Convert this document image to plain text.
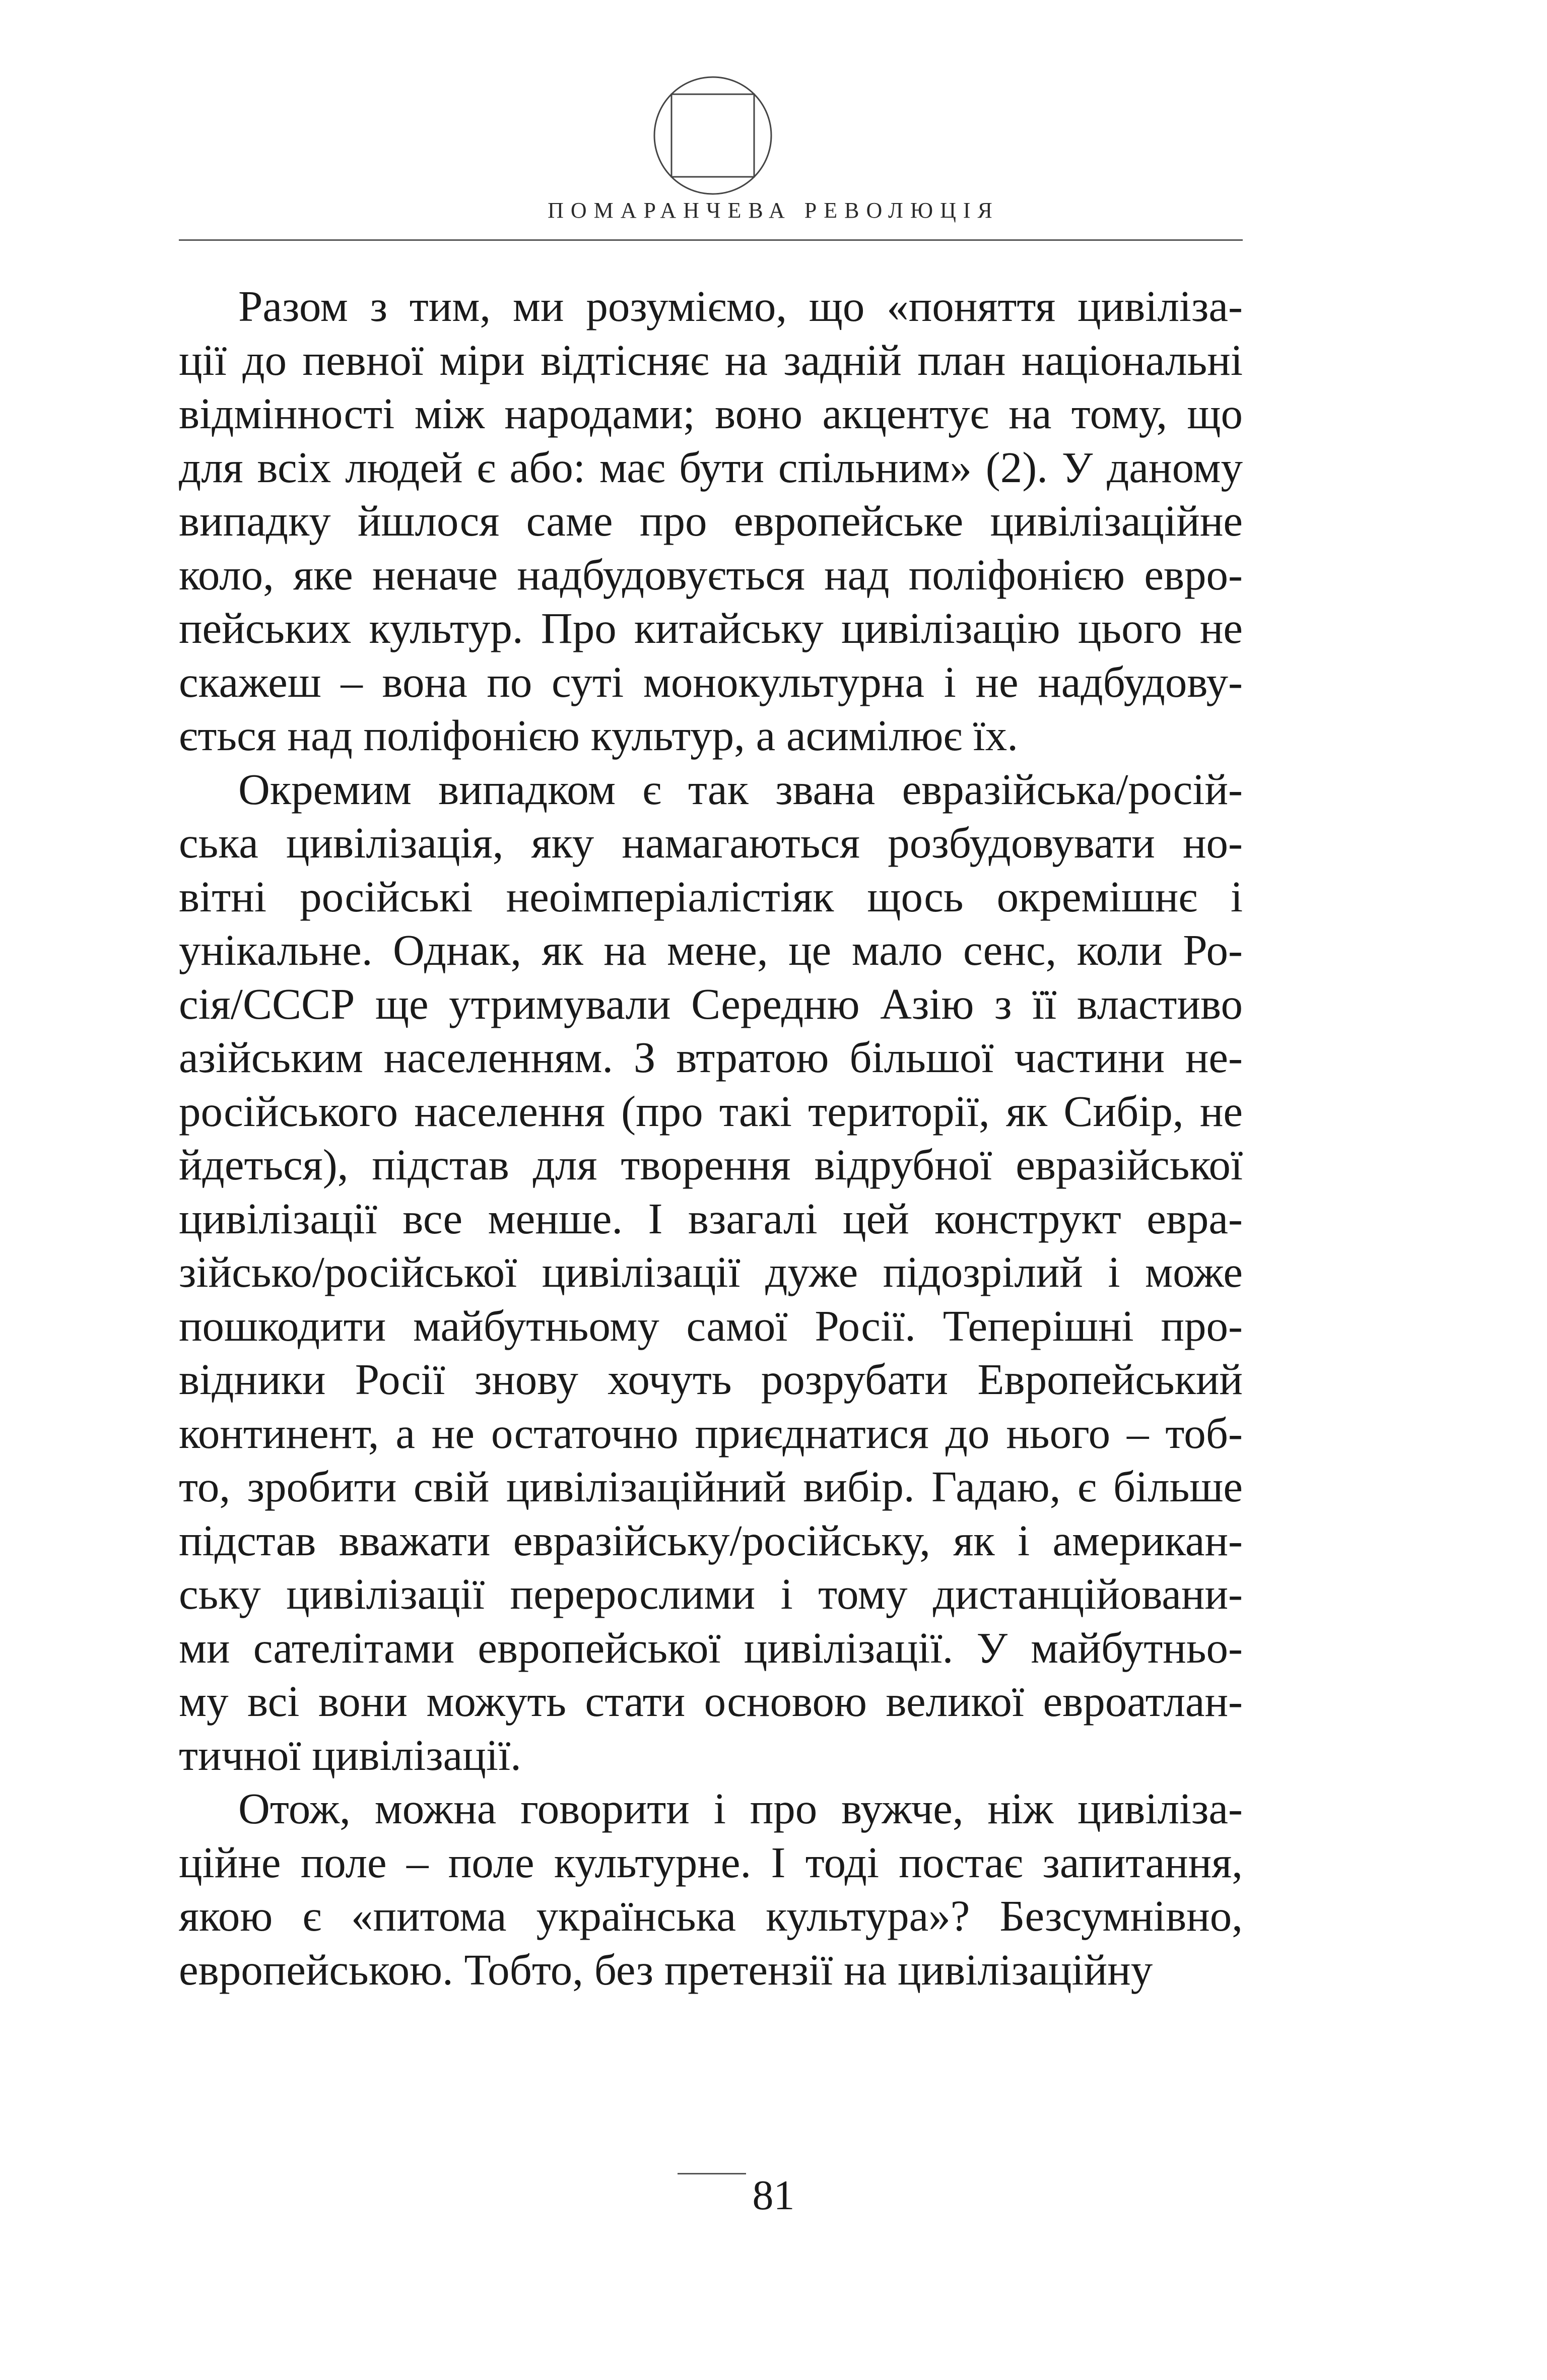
ПОМАРАНЧЕВА РЕВОЛЮЦІЯ
Разом з тим, ми розуміємо, що «поняття цивіліза-
ції до певної міри відтісняє на задній план національні
відмінності між народами; воно акцентує на тому, що
для всіх людей є або: має бути спільним» (2). У даному
випадку йшлося саме про европейське цивілізаційне
коло, яке неначе надбудовується над поліфонією евро-
пейських культур. Про китайську цивілізацію цього не
скажеш – вона по суті монокультурна і не надбудову-
ється над поліфонією культур, а асимілює їх.
Окремим випадком є так звана евразійська/росій-
ська цивілізація, яку намагаються розбудовувати но-
вітні російські неоімперіалістіяк щось окремішнє і
унікальне. Однак, як на мене, це мало сенс, коли Ро-
сія/СССР ще утримували Середню Азію з її властиво
азійським населенням. З втратою більшої частини не-
російського населення (про такі території, як Сибір, не
йдеться), підстав для творення відрубної евразійської
цивілізації все менше. І взагалі цей конструкт евра-
зійсько/російської цивілізації дуже підозрілий і може
пошкодити майбутньому самої Росії. Теперішні про-
відники Росії знову хочуть розрубати Европейський
континент, а не остаточно приєднатися до нього – тоб-
то, зробити свій цивілізаційний вибір. Гадаю, є більше
підстав вважати евразійську/російську, як і американ-
ську цивілізації перерослими і тому дистанційовани-
ми сателітами европейської цивілізації. У майбутньо-
му всі вони можуть стати основою великої евроатлан-
тичної цивілізації.
Отож, можна говорити і про вужче, ніж цивіліза-
ційне поле – поле культурне. І тоді постає запитання,
якою є «питома українська культура»? Безсумнівно,
европейською. Тобто, без претензії на цивілізаційну
81
